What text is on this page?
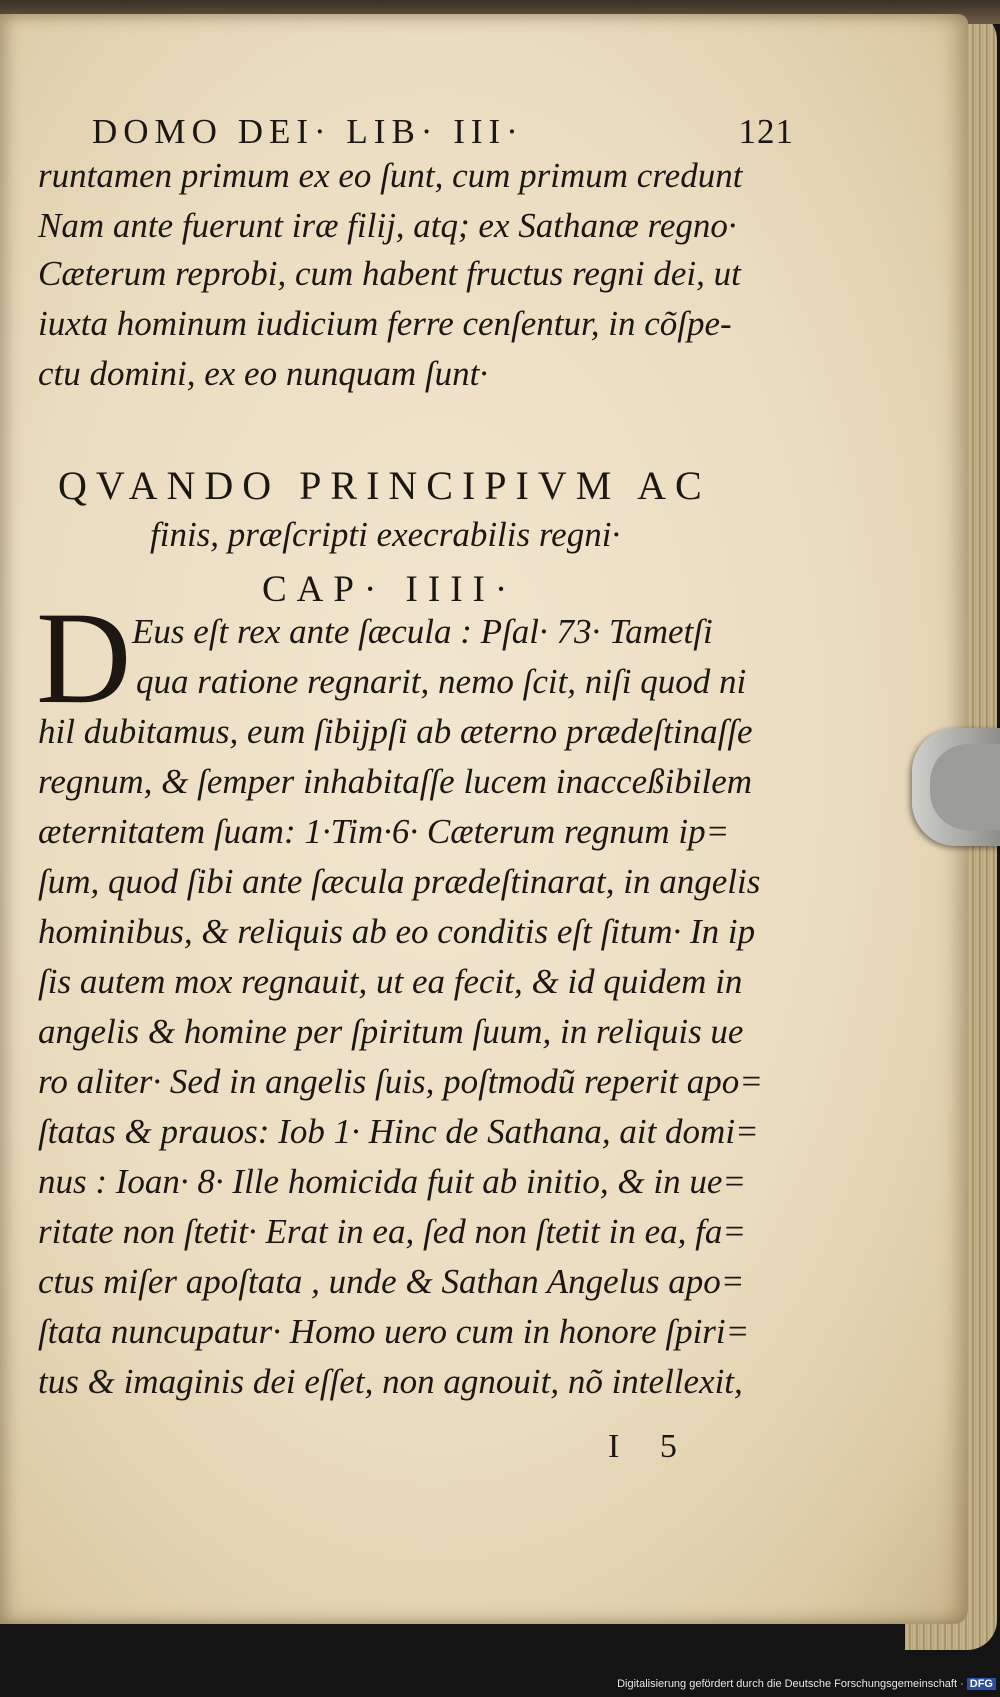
DOMO DEI· LIB· III·	121
runtamen primum ex eo ſunt, cum primum credunt
Nam ante fuerunt iræ filij, atq; ex Sathanæ regno·
Cæterum reprobi, cum habent fructus regni dei, ut
iuxta hominum iudicium ferre cenſentur, in cõſpe-
ctu domini, ex eo nunquam ſunt·
QVANDO PRINCIPIVM AC
finis, præſcripti execrabilis regni·
CAP· IIII·
D Eus eſt rex ante ſæcula : Pſal· 73· Tametſi
qua ratione regnarit, nemo ſcit, niſi quod ni
hil dubitamus, eum ſibijpſi ab æterno prædeſtinaſſe
regnum, & ſemper inhabitaſſe lucem inacceßibilem
æternitatem ſuam: 1·Tim·6· Cæterum regnum ip=
ſum, quod ſibi ante ſæcula prædeſtinarat, in angelis
hominibus, & reliquis ab eo conditis eſt ſitum· In ip
ſis autem mox regnauit, ut ea fecit, & id quidem in
angelis & homine per ſpiritum ſuum, in reliquis ue
ro aliter· Sed in angelis ſuis, poſtmodũ reperit apo=
ſtatas & prauos: Iob 1· Hinc de Sathana, ait domi=
nus : Ioan· 8· Ille homicida fuit ab initio, & in ue=
ritate non ſtetit· Erat in ea, ſed non ſtetit in ea, fa=
ctus miſer apoſtata , unde & Sathan Angelus apo=
ſtata nuncupatur· Homo uero cum in honore ſpiri=
tus & imaginis dei eſſet, non agnouit, nõ intellexit,
I 5
Digitalisierung gefördert durch die Deutsche Forschungsgemeinschaft · DFG
